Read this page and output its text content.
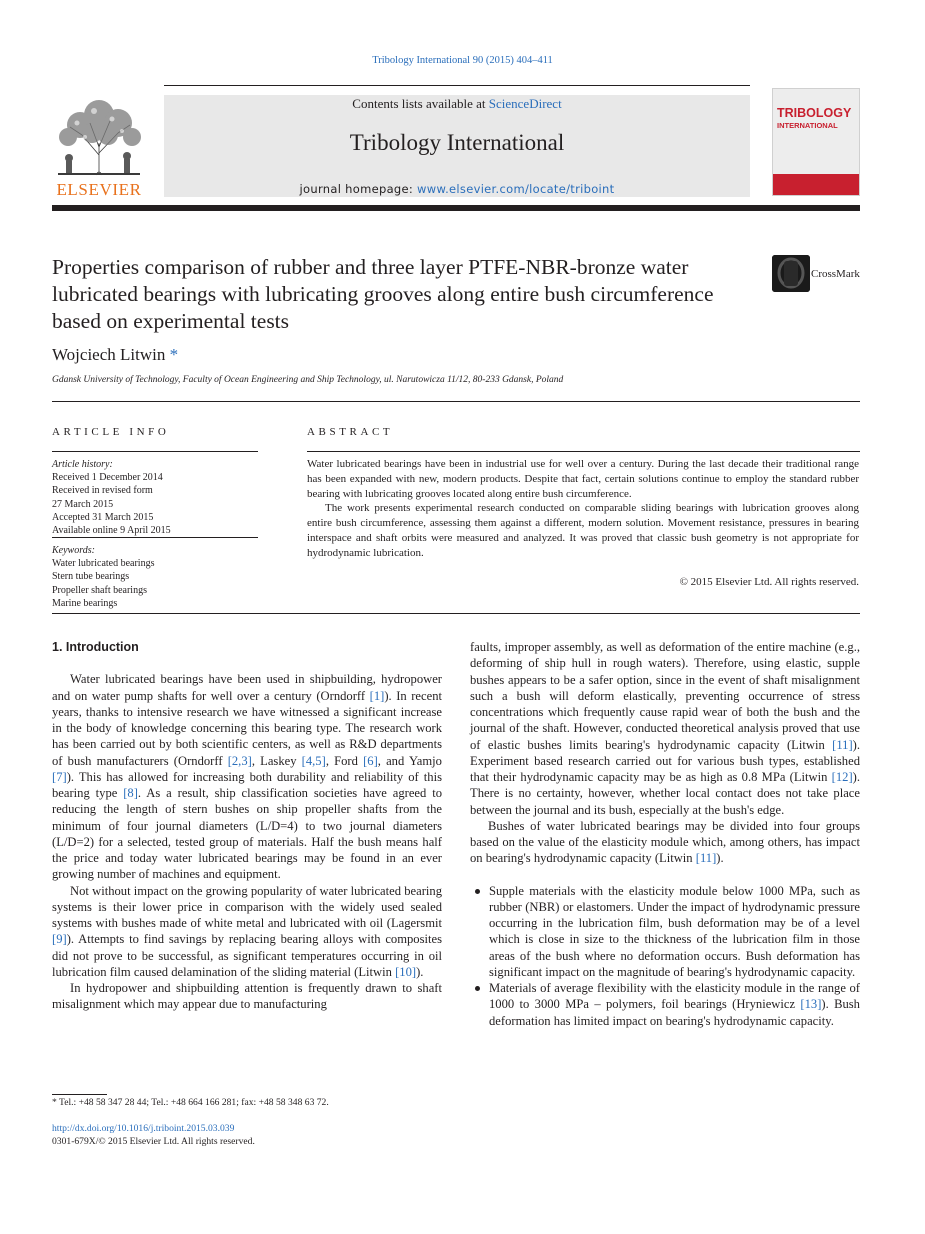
Tribology International 90 (2015) 404–411
Contents lists available at ScienceDirect
Tribology International
journal homepage: www.elsevier.com/locate/triboint
ELSEVIER
TRIBOLOGY
INTERNATIONAL
Properties comparison of rubber and three layer PTFE-NBR-bronze water lubricated bearings with lubricating grooves along entire bush circumference based on experimental tests
CrossMark
Wojciech Litwin *
Gdansk University of Technology, Faculty of Ocean Engineering and Ship Technology, ul. Narutowicza 11/12, 80-233 Gdansk, Poland
ARTICLE INFO	ABSTRACT
Article history:
Received 1 December 2014
Received in revised form
27 March 2015
Accepted 31 March 2015
Available online 9 April 2015
Keywords:
Water lubricated bearings
Stern tube bearings
Propeller shaft bearings
Marine bearings

Water lubricated bearings have been in industrial use for well over a century. During the last decade their traditional range has been expanded with new, modern products. Despite that fact, certain solutions continue to employ the standard rubber bearing with lubricating grooves located along entire bush circumference.

The work presents experimental research conducted on comparable sliding bearings with lubrication grooves along entire bush circumference, assessing them against a different, modern solution. Movement resistance, pressures in bearing interspace and shaft orbits were measured and analyzed. It was proved that classic bush geometry is not appropriate for hydrodynamic lubrication.

© 2015 Elsevier Ltd. All rights reserved.
1. Introduction

Water lubricated bearings have been used in shipbuilding, hydropower and on water pump shafts for well over a century (Orndorff [1]). In recent years, thanks to intensive research we have witnessed a significant increase in the body of knowledge concerning this bearing type. The research work has been carried out by both scientific centers, as well as R&D departments of bush manufacturers (Orndorff [2,3], Laskey [4,5], Ford [6], and Yamjo [7]). This has allowed for increasing both durability and reliability of this bearing type [8]. As a result, ship classification societies have agreed to reducing the length of stern bushes on ship propeller shafts from the minimum of four journal diameters (L/D=4) to two journal diameters (L/D=2) for a selected, tested group of materials. Half the bush means half the price and today water lubricated bearings may be found in an ever growing number of machines and equipment.

Not without impact on the growing popularity of water lubricated bearing systems is their lower price in comparison with the widely used sealed systems with bushes made of white metal and lubricated with oil (Lagersmit [9]). Attempts to find savings by replacing bearing alloys with composites did not prove to be successful, as significant temperatures occurring in oil lubrication film caused delamination of the sliding material (Litwin [10]).

In hydropower and shipbuilding attention is frequently drawn to shaft misalignment which may appear due to manufacturing

faults, improper assembly, as well as deformation of the entire machine (e.g., deforming of ship hull in rough waters). Therefore, using elastic, supple bushes appears to be a safer option, since in the event of shaft misalignment such a bush will deform elastically, preventing occurrence of stress concentrations which frequently cause rapid wear of both the bush and the journal of the shaft. However, conducted theoretical analysis proved that use of elastic bushes limits bearing's hydrodynamic capacity (Litwin [11]). Experiment based research carried out for various bush types, established that their hydrodynamic capacity may be as high as 0.8 MPa (Litwin [12]). There is no certainty, however, whether local contact does not take place between the journal and its bush, especially at the bush's edge.

Bushes of water lubricated bearings may be divided into four groups based on the value of the elasticity module which, among others, has impact on bearing's hydrodynamic capacity (Litwin [11]).

Supple materials with the elasticity module below 1000 MPa, such as rubber (NBR) or elastomers. Under the impact of hydrodynamic pressure occurring in the lubrication film, bush deformation may be of a level which is close in size to the thickness of the lubrication film in those areas of the bush where no deformation occurs. Bush deformation has significant impact on the magnitude of bearing's hydrodynamic capacity.
Materials of average flexibility with the elasticity module in the range of 1000 to 3000 MPa – polymers, foil bearings (Hryniewicz [13]). Bush deformation has limited impact on bearing's hydrodynamic capacity.
* Tel.: +48 58 347 28 44; Tel.: +48 664 166 281; fax: +48 58 348 63 72.
http://dx.doi.org/10.1016/j.triboint.2015.03.039
0301-679X/© 2015 Elsevier Ltd. All rights reserved.
